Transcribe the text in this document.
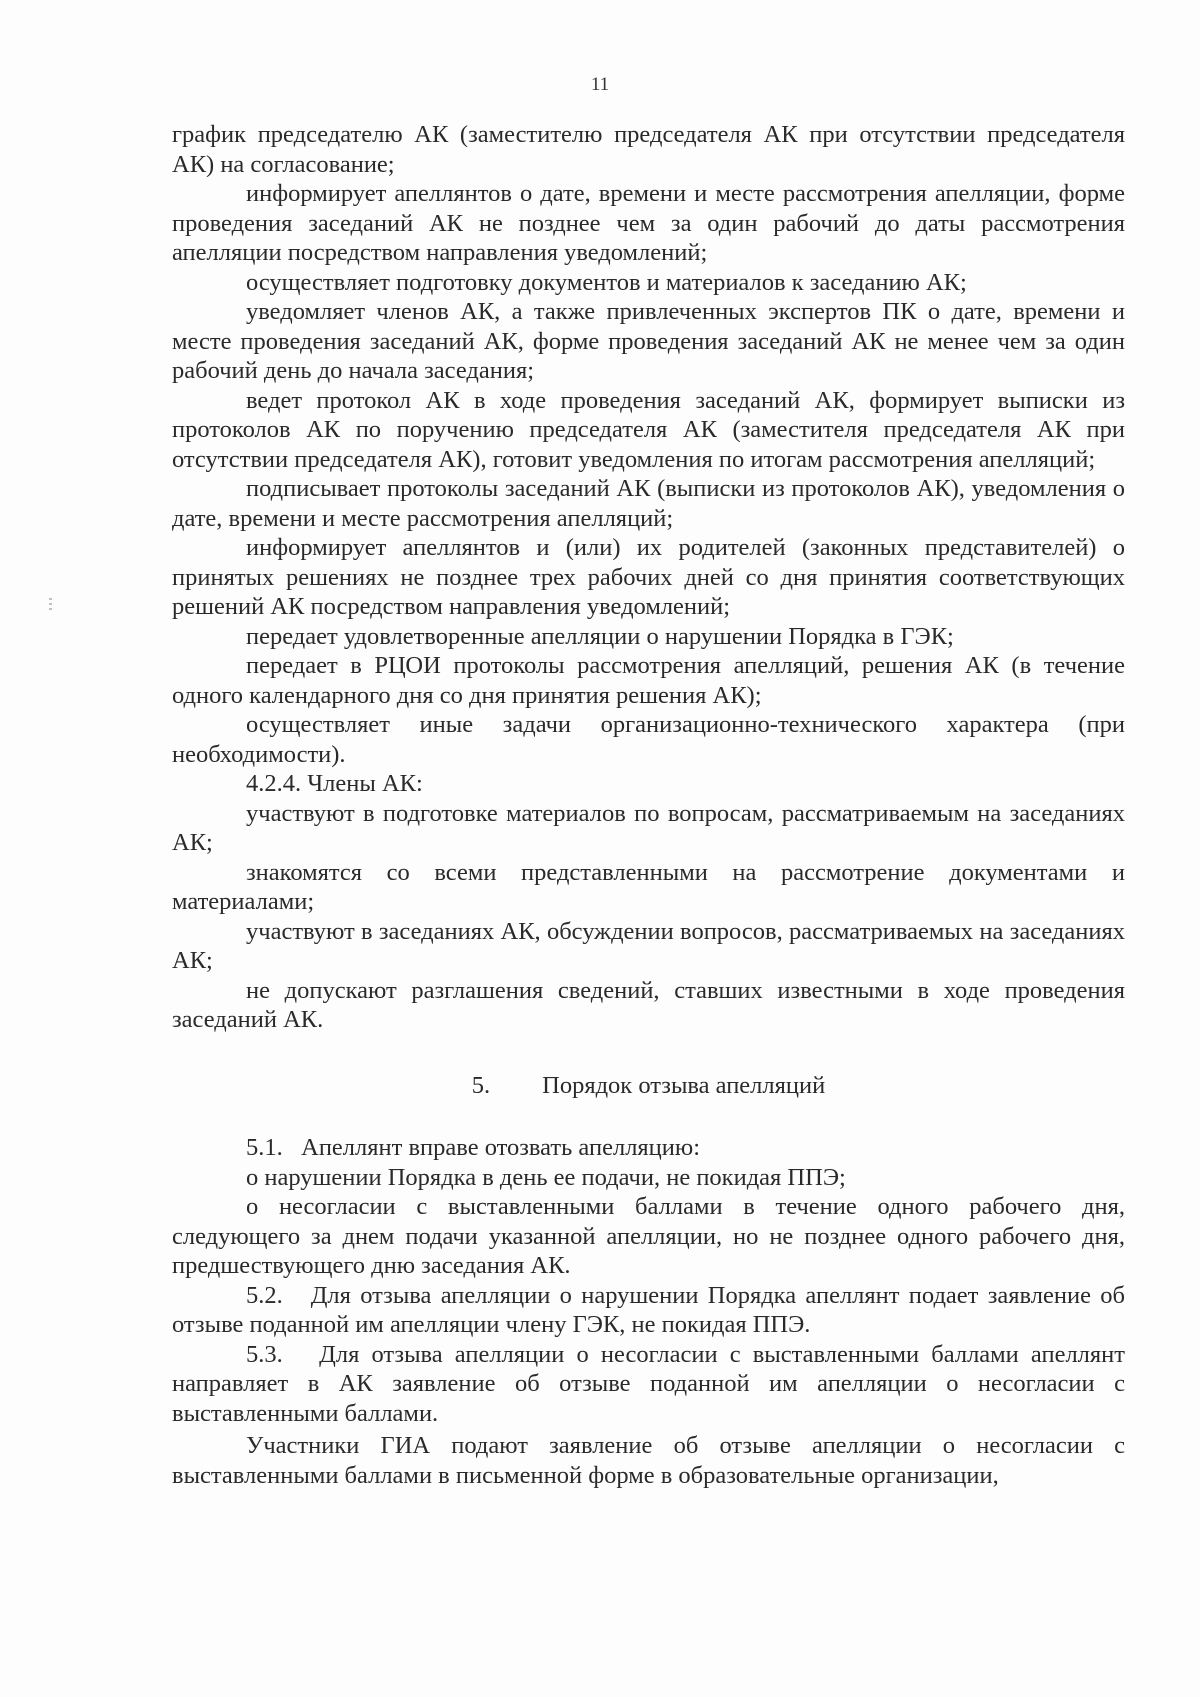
11

график председателю АК (заместителю председателя АК при отсутствии председателя АК) на согласование;

информирует апеллянтов о дате, времени и месте рассмотрения апелляции, форме проведения заседаний АК не позднее чем за один рабочий до даты рассмотрения апелляции посредством направления уведомлений;

осуществляет подготовку документов и материалов к заседанию АК;

уведомляет членов АК, а также привлеченных экспертов ПК о дате, времени и месте проведения заседаний АК, форме проведения заседаний АК не менее чем за один рабочий день до начала заседания;

ведет протокол АК в ходе проведения заседаний АК, формирует выписки из протоколов АК по поручению председателя АК (заместителя председателя АК при отсутствии председателя АК), готовит уведомления по итогам рассмотрения апелляций;

подписывает протоколы заседаний АК (выписки из протоколов АК), уведомления о дате, времени и месте рассмотрения апелляций;

информирует апеллянтов и (или) их родителей (законных представителей) о принятых решениях не позднее трех рабочих дней со дня принятия соответствующих решений АК посредством направления уведомлений;

передает удовлетворенные апелляции о нарушении Порядка в ГЭК;

передает в РЦОИ протоколы рассмотрения апелляций, решения АК (в течение одного календарного дня со дня принятия решения АК);

осуществляет иные задачи организационно-технического характера (при необходимости).

4.2.4. Члены АК:

участвуют в подготовке материалов по вопросам, рассматриваемым на заседаниях АК;

знакомятся со всеми представленными на рассмотрение документами и материалами;

участвуют в заседаниях АК, обсуждении вопросов, рассматриваемых на заседаниях АК;

не допускают разглашения сведений, ставших известными в ходе проведения заседаний АК.

5. Порядок отзыва апелляций

5.1.   Апеллянт вправе отозвать апелляцию:

о нарушении Порядка в день ее подачи, не покидая ППЭ;

о несогласии с выставленными баллами в течение одного рабочего дня, следующего за днем подачи указанной апелляции, но не позднее одного рабочего дня, предшествующего дню заседания АК.

5.2.   Для отзыва апелляции о нарушении Порядка апеллянт подает заявление об отзыве поданной им апелляции члену ГЭК, не покидая ППЭ.

5.3.   Для отзыва апелляции о несогласии с выставленными баллами апеллянт направляет в АК заявление об отзыве поданной им апелляции о несогласии с выставленными баллами.

Участники ГИА подают заявление об отзыве апелляции о несогласии с выставленными баллами в письменной форме в образовательные организации,
